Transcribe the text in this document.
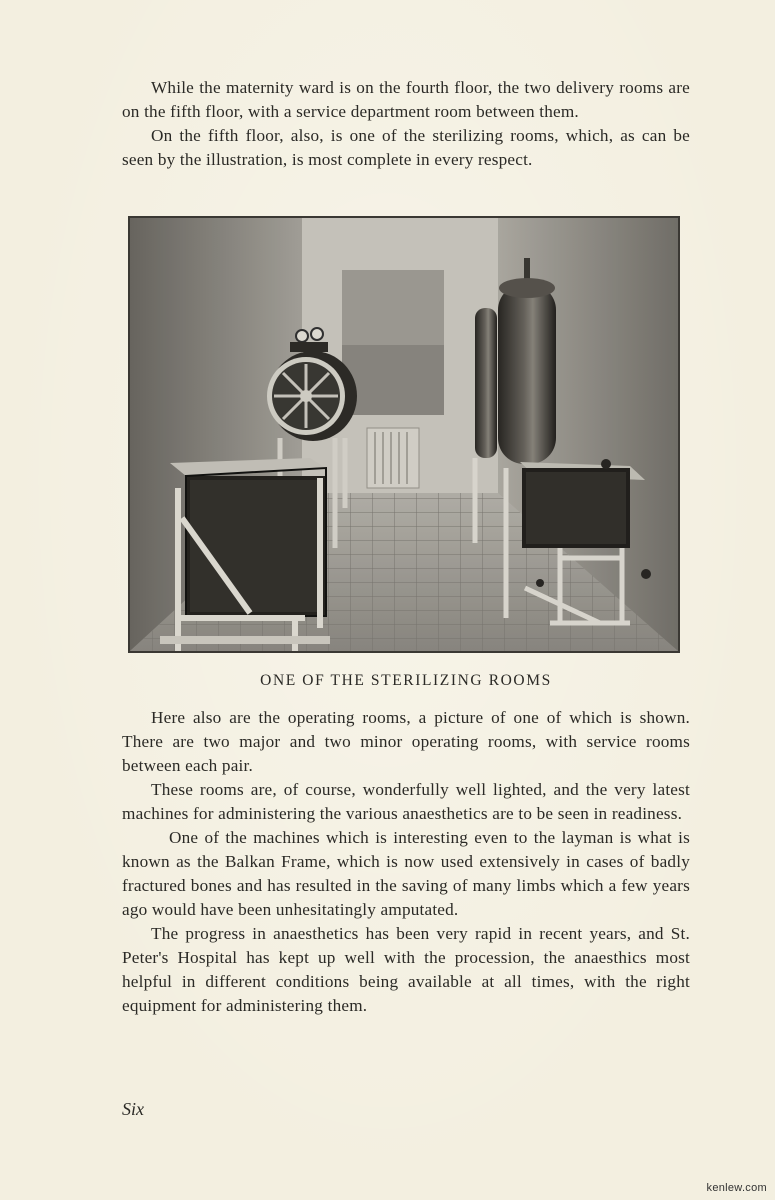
While the maternity ward is on the fourth floor, the two delivery rooms are on the fifth floor, with a service department room between them.

On the fifth floor, also, is one of the sterilizing rooms, which, as can be seen by the illustration, is most complete in every respect.

ONE OF THE STERILIZING ROOMS

Here also are the operating rooms, a picture of one of which is shown. There are two major and two minor operating rooms, with service rooms between each pair.

These rooms are, of course, wonderfully well lighted, and the very latest machines for administering the various anaesthetics are to be seen in readiness.

One of the machines which is interesting even to the layman is what is known as the Balkan Frame, which is now used extensively in cases of badly fractured bones and has resulted in the saving of many limbs which a few years ago would have been unhesitatingly amputated.

The progress in anaesthetics has been very rapid in recent years, and St. Peter's Hospital has kept up well with the procession, the anaesthics most helpful in different conditions being available at all times, with the right equipment for administering them.

Six
kenlew.com
